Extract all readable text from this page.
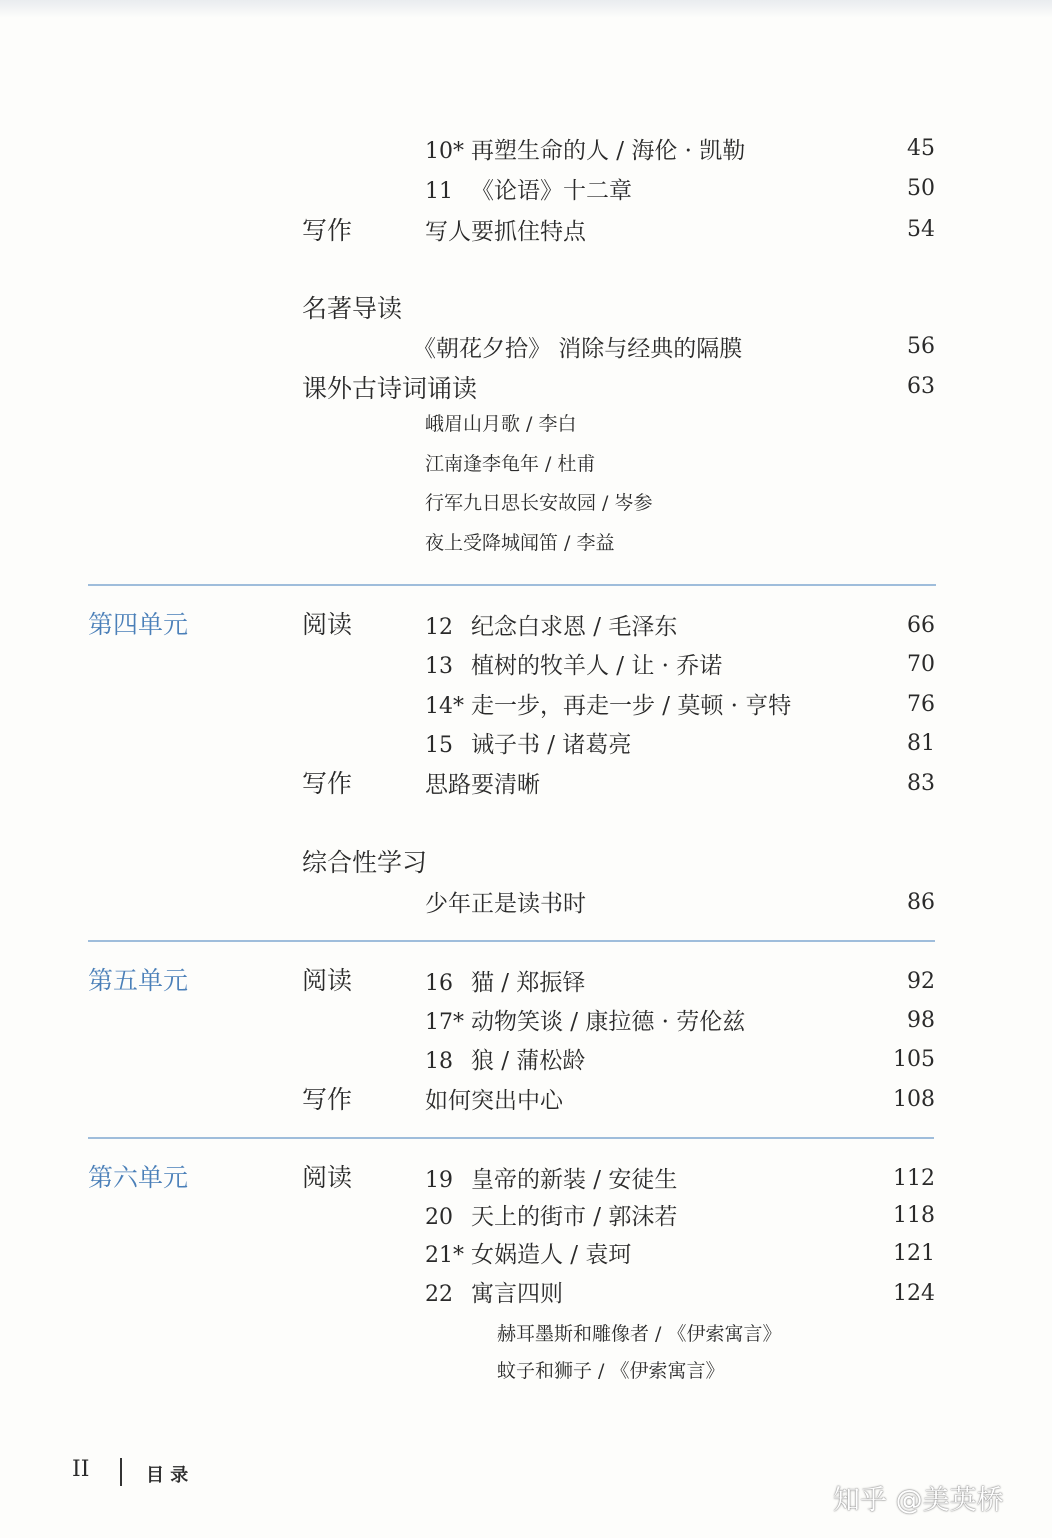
10* 再塑生命的人 / 海伦 · 凯勒	45
11 《论语》十二章	50
写作	写人要抓住特点	54
名著导读
《朝花夕拾》 消除与经典的隔膜	56
课外古诗词诵读	63
峨眉山月歌 / 李白
江南逢李龟年 / 杜甫
行军九日思长安故园 / 岑参
夜上受降城闻笛 / 李益
第四单元	阅读	12 纪念白求恩 / 毛泽东	66
13 植树的牧羊人 / 让 · 乔诺	70
14* 走一步，再走一步 / 莫顿 · 亨特	76
15 诫子书 / 诸葛亮	81
写作	思路要清晰	83
综合性学习
少年正是读书时	86
第五单元	阅读	16 猫 / 郑振铎	92
17* 动物笑谈 / 康拉德 · 劳伦兹	98
18 狼 / 蒲松龄	105
写作	如何突出中心	108
第六单元	阅读	19 皇帝的新装 / 安徒生	112
20 天上的街市 / 郭沫若	118
21* 女娲造人 / 袁珂	121
22 寓言四则	124
赫耳墨斯和雕像者 / 《伊索寓言》
蚊子和狮子 / 《伊索寓言》
II	目 录
知乎 @美英桥
